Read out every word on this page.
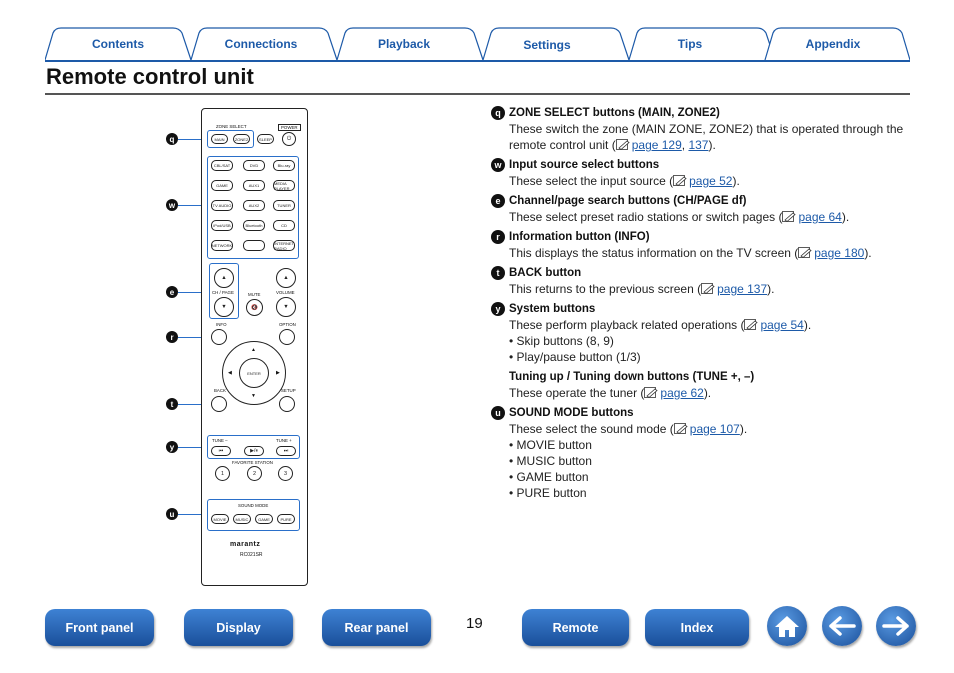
Contents	Connections	Playback	Settings	Tips	Appendix
Remote control unit
q
w
e
r
t
y
u
ZONE SELECT	POWER
MAIN	ZONE2	SLEEP	⏻
CBL/SAT	DVD	Blu-ray
GAME	AUX1	MEDIA PLAYER
TV AUDIO	AUX2	TUNER
iPod/USB	Bluetooth	CD
NETWORK	INTERNET RADIO
▲
CH / PAGE
▼
MUTE
🔇
▲
VOLUME
▼
INFO	OPTION
ENTER
▲
▼
◀	▶
BACK	SETUP
TUNE –	TUNE +
⏮	▶/⏸	⏭
FAVORITE STATION
1	2	3
SOUND MODE
MOVIE	MUSIC	GAME	PURE
marantz
RC021SR
q ZONE SELECT buttons (MAIN, ZONE2)
These switch the zone (MAIN ZONE, ZONE2) that is operated through the remote control unit ( page 129, 137).
w Input source select buttons
These select the input source ( page 52).
e Channel/page search buttons (CH/PAGE df)
These select preset radio stations or switch pages ( page 64).
r Information button (INFO)
This displays the status information on the TV screen ( page 180).
t BACK button
This returns to the previous screen ( page 137).
y System buttons
These perform playback related operations ( page 54).
• Skip buttons (8, 9)
• Play/pause button (1/3)
Tuning up / Tuning down buttons (TUNE +, –)
These operate the tuner ( page 62).
u SOUND MODE buttons
These select the sound mode ( page 107).
• MOVIE button
• MUSIC button
• GAME button
• PURE button
Front panel	Display	Rear panel	19	Remote	Index
